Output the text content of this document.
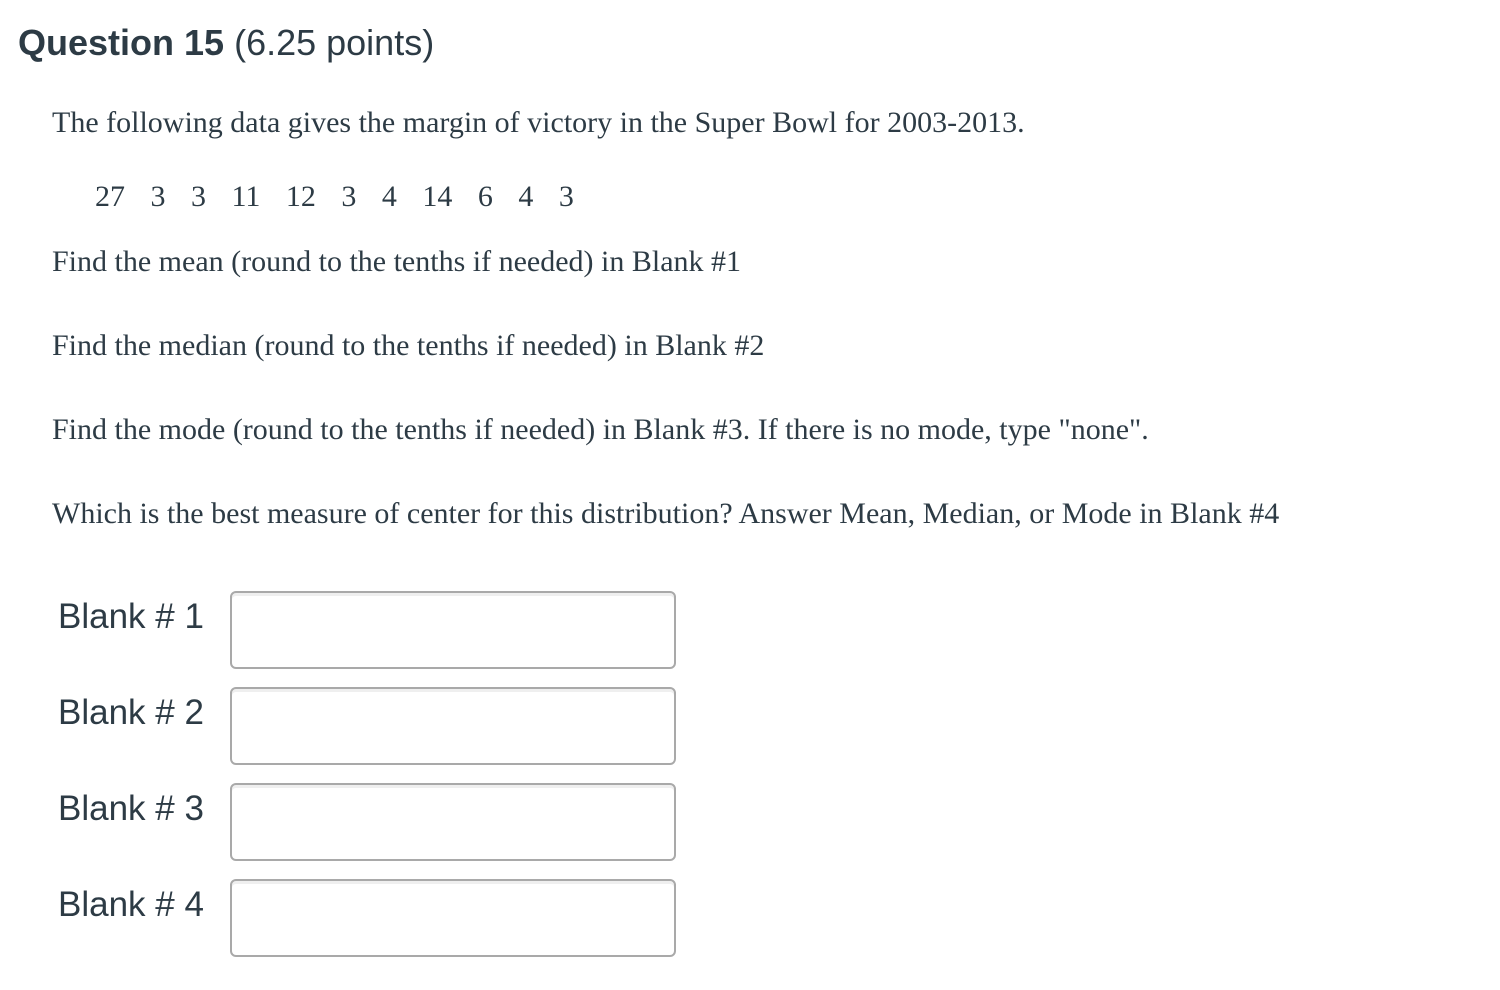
Question 15 (6.25 points)
The following data gives the margin of victory in the Super Bowl for 2003-2013.
27 3 3 11 12 3 4 14 6 4 3
Find the mean (round to the tenths if needed) in Blank #1
Find the median (round to the tenths if needed) in Blank #2
Find the mode (round to the tenths if needed) in Blank #3. If there is no mode, type "none".
Which is the best measure of center for this distribution? Answer Mean, Median, or Mode in Blank #4
Blank # 1
Blank # 2
Blank # 3
Blank # 4
